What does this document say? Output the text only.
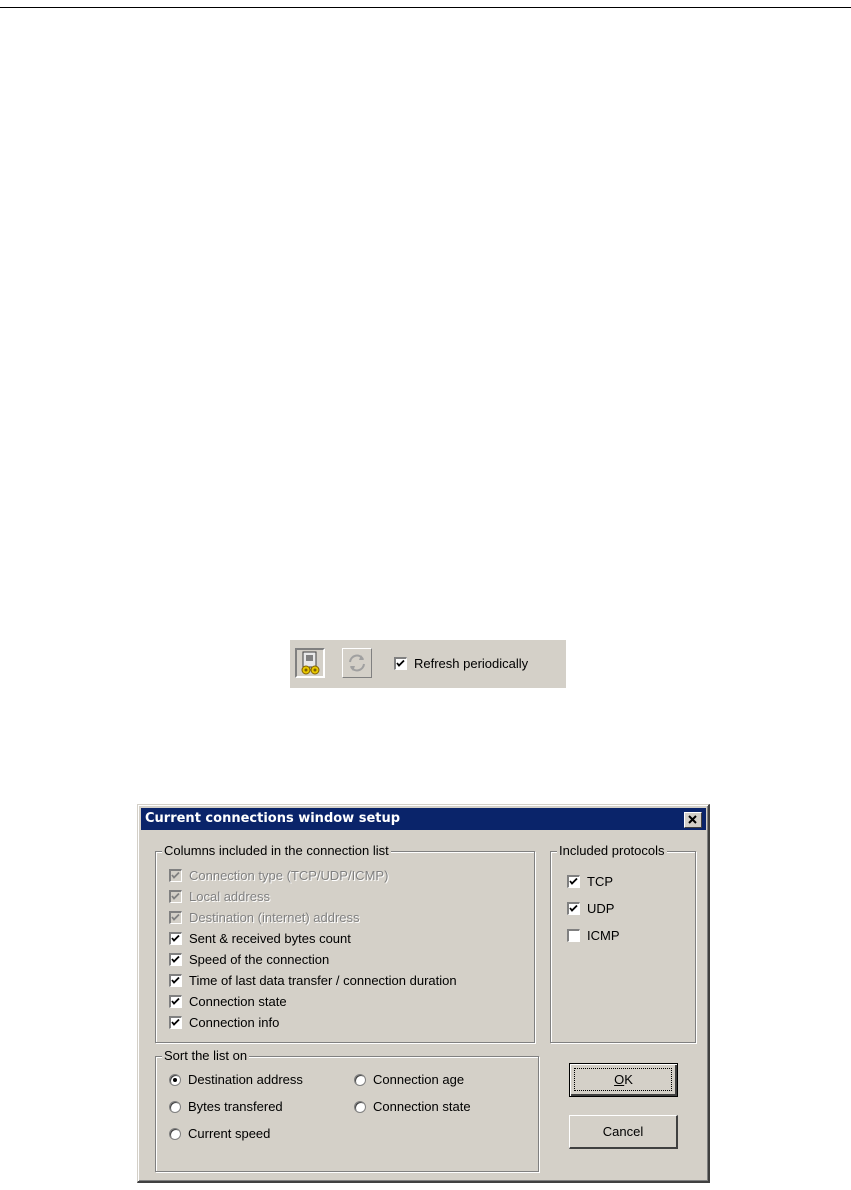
Refresh periodically
Current connections window setup
Columns included in the connection list
Connection type (TCP/UDP/ICMP)
Local address
Destination (internet) address
Sent & received bytes count
Speed of the connection
Time of last data transfer / connection duration
Connection state
Connection info
Included protocols
TCP
UDP
ICMP
Sort the list on
Destination address	Connection age
Bytes transfered	Connection state
Current speed
OK
Cancel
